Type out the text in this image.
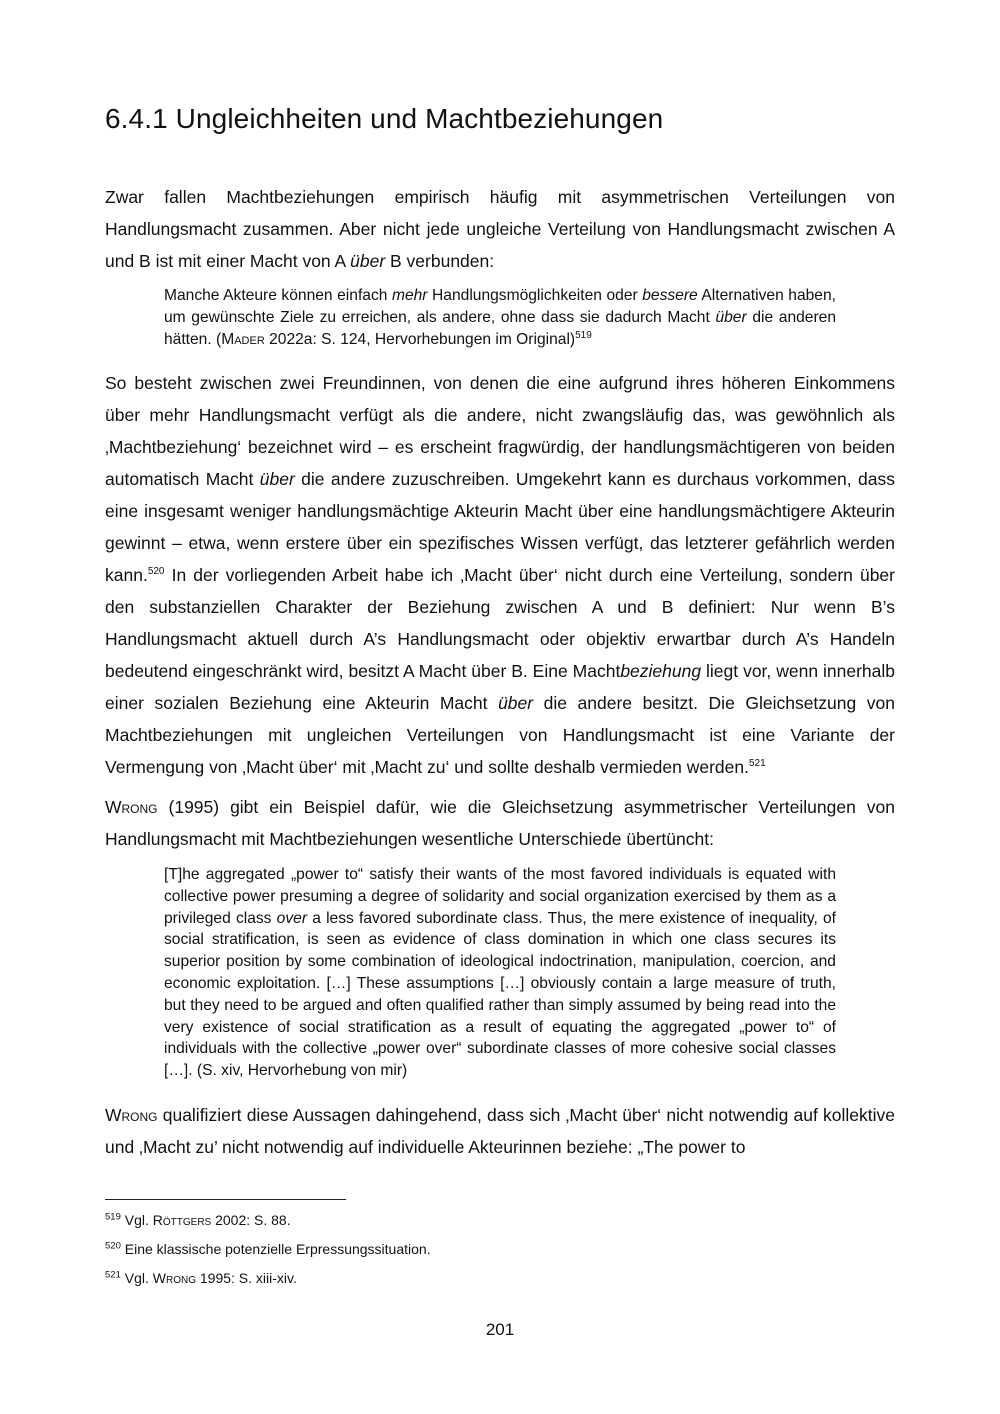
6.4.1 Ungleichheiten und Machtbeziehungen

Zwar fallen Machtbeziehungen empirisch häufig mit asymmetrischen Verteilungen von Handlungsmacht zusammen. Aber nicht jede ungleiche Verteilung von Handlungsmacht zwischen A und B ist mit einer Macht von A über B verbunden:

Manche Akteure können einfach mehr Handlungsmöglichkeiten oder bessere Alternativen haben, um gewünschte Ziele zu erreichen, als andere, ohne dass sie dadurch Macht über die anderen hätten. (Mader 2022a: S. 124, Hervorhebungen im Original)$^{519}$

So besteht zwischen zwei Freundinnen, von denen die eine aufgrund ihres höheren Einkommens über mehr Handlungsmacht verfügt als die andere, nicht zwangsläufig das, was gewöhnlich als ‚Machtbeziehung‘ bezeichnet wird – es erscheint fragwürdig, der handlungsmächtigeren von beiden automatisch Macht über die andere zuzuschreiben. Umgekehrt kann es durchaus vorkommen, dass eine insgesamt weniger handlungsmächtige Akteurin Macht über eine handlungsmächtigere Akteurin gewinnt – etwa, wenn erstere über ein spezifisches Wissen verfügt, das letzterer gefährlich werden kann.$^{520}$ In der vorliegenden Arbeit habe ich ‚Macht über‘ nicht durch eine Verteilung, sondern über den substanziellen Charakter der Beziehung zwischen A und B definiert: Nur wenn B’s Handlungsmacht aktuell durch A’s Handlungsmacht oder objektiv erwartbar durch A’s Handeln bedeutend eingeschränkt wird, besitzt A Macht über B. Eine Machtbeziehung liegt vor, wenn innerhalb einer sozialen Beziehung eine Akteurin Macht über die andere besitzt. Die Gleichsetzung von Machtbeziehungen mit ungleichen Verteilungen von Handlungsmacht ist eine Variante der Vermengung von ‚Macht über‘ mit ‚Macht zu‘ und sollte deshalb vermieden werden.$^{521}$

Wrong (1995) gibt ein Beispiel dafür, wie die Gleichsetzung asymmetrischer Verteilungen von Handlungsmacht mit Machtbeziehungen wesentliche Unterschiede übertüncht:

[T]he aggregated „power to“ satisfy their wants of the most favored individuals is equated with collective power presuming a degree of solidarity and social organization exercised by them as a privileged class over a less favored subordinate class. Thus, the mere existence of inequality, of social stratification, is seen as evidence of class domination in which one class secures its superior position by some combination of ideological indoctrination, manipulation, coercion, and economic exploitation. […] These assumptions […] obviously contain a large measure of truth, but they need to be argued and often qualified rather than simply assumed by being read into the very existence of social stratification as a result of equating the aggregated „power to“ of individuals with the collective „power over“ subordinate classes of more cohesive social classes […]. (S. xiv, Hervorhebung von mir)

Wrong qualifiziert diese Aussagen dahingehend, dass sich ‚Macht über‘ nicht notwendig auf kollektive und ‚Macht zu’ nicht notwendig auf individuelle Akteurinnen beziehe: „The power to

$^{519}$ Vgl. Röttgers 2002: S. 88.

$^{520}$ Eine klassische potenzielle Erpressungssituation.

$^{521}$ Vgl. Wrong 1995: S. xiii-xiv.

201
